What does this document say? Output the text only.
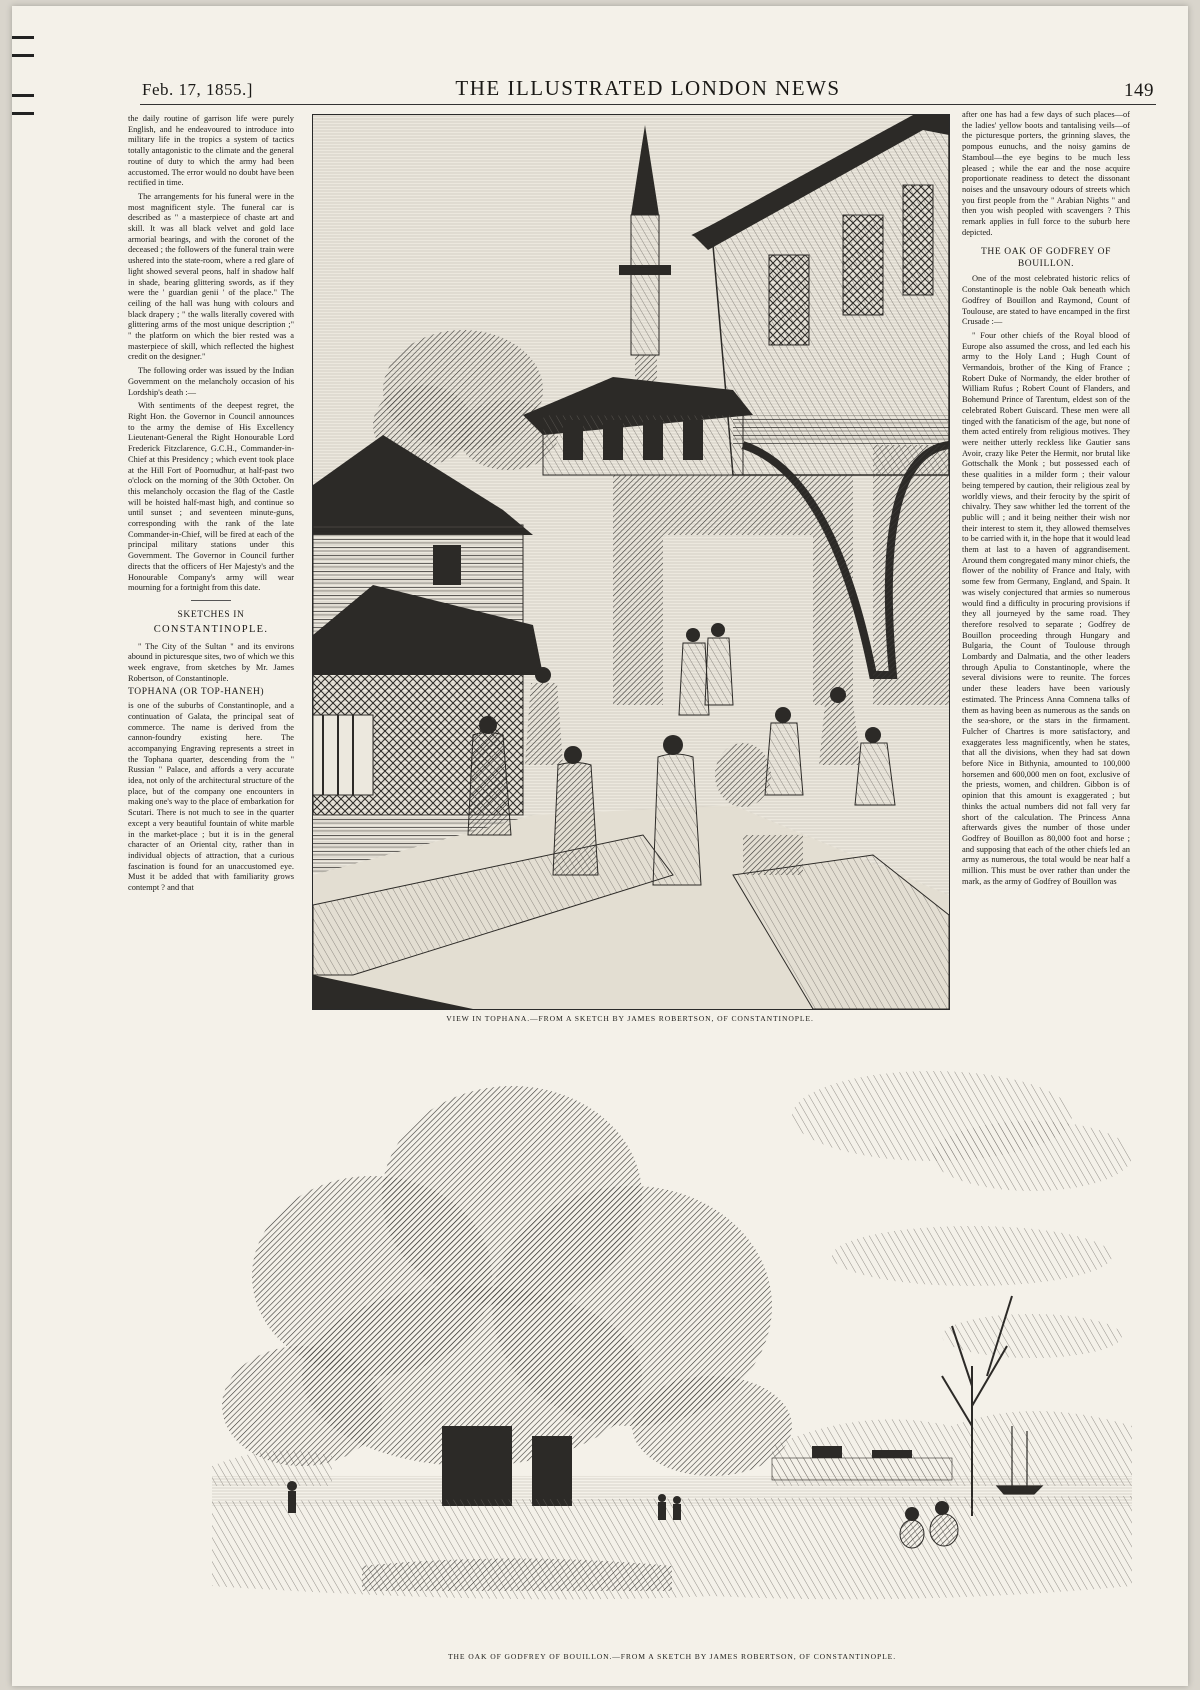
Feb. 17, 1855.]	THE ILLUSTRATED LONDON NEWS	149

the daily routine of garrison life were purely English, and he endeavoured to introduce into military life in the tropics a system of tactics totally antagonistic to the climate and the general routine of duty to which the army had been accustomed. The error would no doubt have been rectified in time.

The arrangements for his funeral were in the most magnificent style. The funeral car is described as " a masterpiece of chaste art and skill. It was all black velvet and gold lace armorial bearings, and with the coronet of the deceased ; the followers of the funeral train were ushered into the state-room, where a red glare of light showed several peons, half in shadow half in shade, bearing glittering swords, as if they were the ' guardian genii ' of the place." The ceiling of the hall was hung with colours and black drapery ; " the walls literally covered with glittering arms of the most unique description ;" " the platform on which the bier rested was a masterpiece of skill, which reflected the highest credit on the designer."

The following order was issued by the Indian Government on the melancholy occasion of his Lordship's death :—

With sentiments of the deepest regret, the Right Hon. the Governor in Council announces to the army the demise of His Excellency Lieutenant-General the Right Honourable Lord Frederick Fitzclarence, G.C.H., Commander-in-Chief at this Presidency ; which event took place at the Hill Fort of Poornudhur, at half-past two o'clock on the morning of the 30th October. On this melancholy occasion the flag of the Castle will be hoisted half-mast high, and continue so until sunset ; and seventeen minute-guns, corresponding with the rank of the late Commander-in-Chief, will be fired at each of the principal military stations under this Government. The Governor in Council further directs that the officers of Her Majesty's and the Honourable Company's army will wear mourning for a fortnight from this date.

SKETCHES IN
CONSTANTINOPLE.

" The City of the Sultan " and its environs abound in picturesque sites, two of which we this week engrave, from sketches by Mr. James Robertson, of Constantinople.

TOPHANA (OR TOP-HANEH)

is one of the suburbs of Constantinople, and a continuation of Galata, the principal seat of commerce. The name is derived from the cannon-foundry existing here. The accompanying Engraving represents a street in the Tophana quarter, descending from the " Russian " Palace, and affords a very accurate idea, not only of the architectural structure of the place, but of the company one encounters in making one's way to the place of embarkation for Scutari. There is not much to see in the quarter except a very beautiful fountain of white marble in the market-place ; but it is in the general character of an Oriental city, rather than in individual objects of attraction, that a curious fascination is found for an unaccustomed eye. Must it be added that with familiarity grows contempt ? and that

after one has had a few days of such places—of the ladies' yellow boots and tantalising veils—of the picturesque porters, the grinning slaves, the pompous eunuchs, and the noisy gamins de Stamboul—the eye begins to be much less pleased ; while the ear and the nose acquire proportionate readiness to detect the dissonant noises and the unsavoury odours of streets which you first people from the " Arabian Nights " and then you wish peopled with scavengers ? This remark applies in full force to the suburb here depicted.

THE OAK OF GODFREY OF BOUILLON.

One of the most celebrated historic relics of Constantinople is the noble Oak beneath which Godfrey of Bouillon and Raymond, Count of Toulouse, are stated to have encamped in the first Crusade :—

" Four other chiefs of the Royal blood of Europe also assumed the cross, and led each his army to the Holy Land ; Hugh Count of Vermandois, brother of the King of France ; Robert Duke of Normandy, the elder brother of William Rufus ; Robert Count of Flanders, and Bohemund Prince of Tarentum, eldest son of the celebrated Robert Guiscard. These men were all tinged with the fanaticism of the age, but none of them acted entirely from religious motives. They were neither utterly reckless like Gautier sans Avoir, crazy like Peter the Hermit, nor brutal like Gottschalk the Monk ; but possessed each of these qualities in a milder form ; their valour being tempered by caution, their religious zeal by worldly views, and their ferocity by the spirit of chivalry. They saw whither led the torrent of the public will ; and it being neither their wish nor their interest to stem it, they allowed themselves to be carried with it, in the hope that it would lead them at last to a haven of aggrandisement. Around them congregated many minor chiefs, the flower of the nobility of France and Italy, with some few from Germany, England, and Spain. It was wisely conjectured that armies so numerous would find a difficulty in procuring provisions if they all journeyed by the same road. They therefore resolved to separate ; Godfrey de Bouillon proceeding through Hungary and Bulgaria, the Count of Toulouse through Lombardy and Dalmatia, and the other leaders through Apulia to Constantinople, where the several divisions were to reunite. The forces under these leaders have been variously estimated. The Princess Anna Comnena talks of them as having been as numerous as the sands on the sea-shore, or the stars in the firmament. Fulcher of Chartres is more satisfactory, and exaggerates less magnificently, when he states, that all the divisions, when they had sat down before Nice in Bithynia, amounted to 100,000 horsemen and 600,000 men on foot, exclusive of the priests, women, and children. Gibbon is of opinion that this amount is exaggerated ; but thinks the actual numbers did not fall very far short of the calculation. The Princess Anna afterwards gives the number of those under Godfrey of Bouillon as 80,000 foot and horse ; and supposing that each of the other chiefs led an army as numerous, the total would be near half a million. This must be over rather than under the mark, as the army of Godfrey of Bouillon was

VIEW IN TOPHANA.—FROM A SKETCH BY JAMES ROBERTSON, OF CONSTANTINOPLE.
THE OAK OF GODFREY OF BOUILLON.—FROM A SKETCH BY JAMES ROBERTSON, OF CONSTANTINOPLE.
